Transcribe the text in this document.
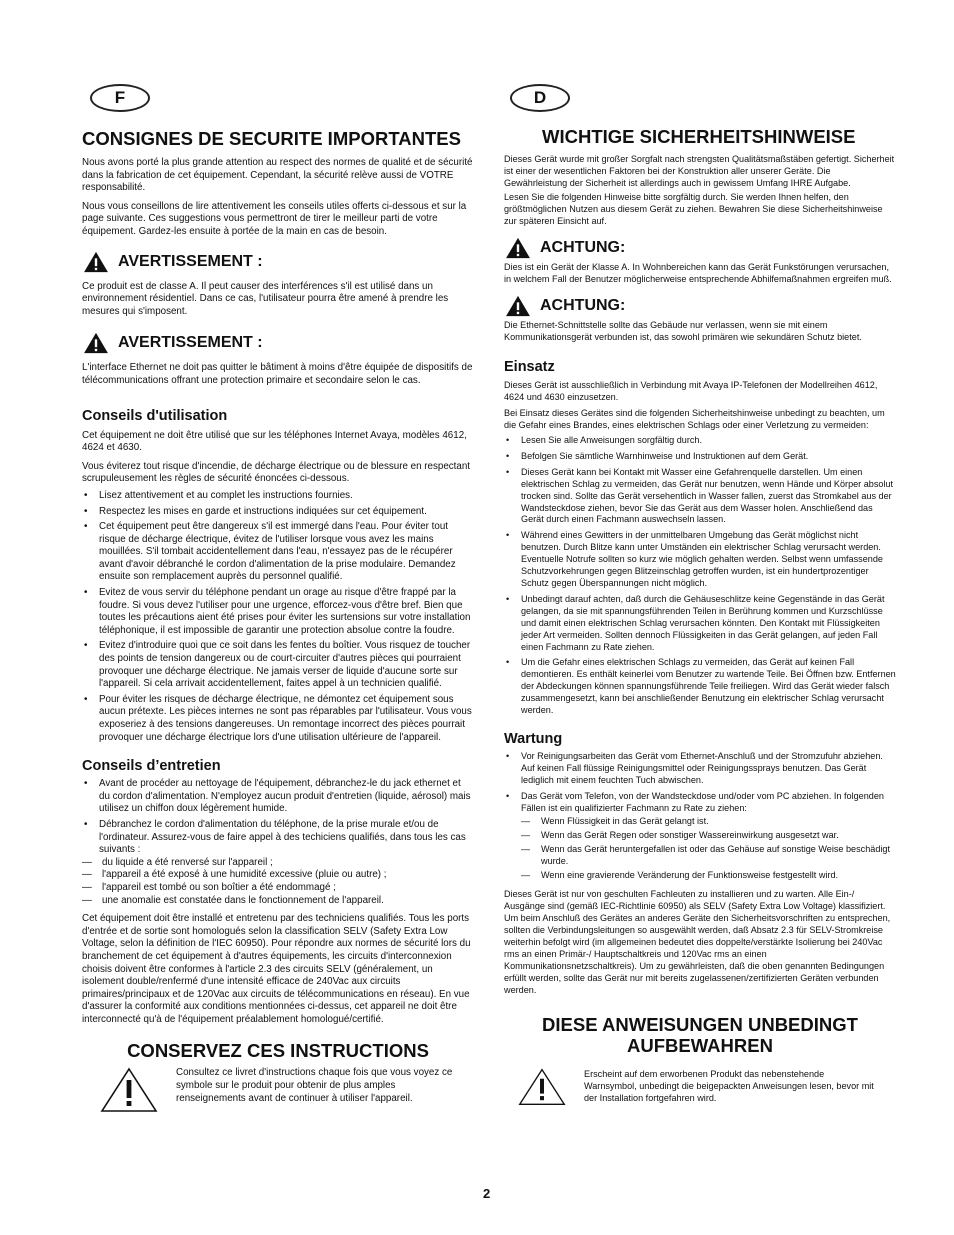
F
CONSIGNES DE SECURITE IMPORTANTES

Nous avons porté la plus grande attention au respect des normes de qualité et de sécurité dans la fabrication de cet équipement. Cependant, la sécurité relève aussi de VOTRE responsabilité.

Nous vous conseillons de lire attentivement les conseils utiles offerts ci-dessous et sur la page suivante. Ces suggestions vous permettront de tirer le meilleur parti de votre équipement. Gardez-les ensuite à portée de la main en cas de besoin.

AVERTISSEMENT :

Ce produit est de classe A. Il peut causer des interférences s'il est utilisé dans un environnement résidentiel. Dans ce cas, l'utilisateur pourra être amené à prendre les mesures qui s'imposent.

AVERTISSEMENT :

L'interface Ethernet ne doit pas quitter le bâtiment à moins d'être équipée de dispositifs de télécommunications offrant une protection primaire et secondaire selon le cas.

Conseils d'utilisation

Cet équipement ne doit être utilisé que sur les téléphones Internet Avaya, modèles 4612, 4624 et 4630.

Vous éviterez tout risque d'incendie, de décharge électrique ou de blessure en respectant scrupuleusement les règles de sécurité énoncées ci-dessous.

• Lisez attentivement et au complet les instructions fournies.
• Respectez les mises en garde et instructions indiquées sur cet équipement.
• Cet équipement peut être dangereux s'il est immergé dans l'eau. Pour éviter tout risque de décharge électrique, évitez de l'utiliser lorsque vous avez les mains mouillées. S'il tombait accidentellement dans l'eau, n'essayez pas de le récupérer avant d'avoir débranché le cordon d'alimentation de la prise modulaire. Demandez ensuite son remplacement auprès du personnel qualifié.
• Evitez de vous servir du téléphone pendant un orage au risque d'être frappé par la foudre. Si vous devez l'utiliser pour une urgence, efforcez-vous d'être bref. Bien que toutes les précautions aient été prises pour éviter les surtensions sur votre installation téléphonique, il est impossible de garantir une protection absolue contre la foudre.
• Evitez d'introduire quoi que ce soit dans les fentes du boîtier. Vous risquez de toucher des points de tension dangereux ou de court-circuiter d'autres pièces qui pourraient provoquer une décharge électrique. Ne jamais verser de liquide d'aucune sorte sur l'appareil. Si cela arrivait accidentellement, faites appel à un technicien qualifié.
• Pour éviter les risques de décharge électrique, ne démontez cet équipement sous aucun prétexte. Les pièces internes ne sont pas réparables par l'utilisateur. Vous vous exposeriez à des tensions dangereuses. Un remontage incorrect des pièces pourrait provoquer une décharge électrique lors d'une utilisation ultérieure de l'appareil.
Conseils d’entretien
• Avant de procéder au nettoyage de l'équipement, débranchez-le du jack ethernet et du cordon d'alimentation. N'employez aucun produit d'entretien (liquide, aérosol) mais utilisez un chiffon doux légèrement humide.
• Débranchez le cordon d'alimentation du téléphone, de la prise murale et/ou de l'ordinateur. Assurez-vous de faire appel à des techiciens qualifiés, dans tous les cas suivants :
— du liquide a été renversé sur l'appareil ;
— l'appareil a été exposé à une humidité excessive (pluie ou autre) ;
— l'appareil est tombé ou son boîtier a été endommagé ;
— une anomalie est constatée dans le fonctionnement de l'appareil.

Cet équipement doit être installé et entretenu par des techniciens qualifiés. Tous les ports d'entrée et de sortie sont homologués selon la classification SELV (Safety Extra Low Voltage, selon la définition de l'IEC 60950). Pour répondre aux normes de sécurité lors du branchement de cet équipement à d'autres équipements, les circuits d'interconnexion choisis doivent être conformes à l'article 2.3 des circuits SELV (généralement, un isolement double/renfermé d'une intensité efficace de 240Vac aux circuits primaires/principaux et de 120Vac aux circuits de télécommunications en réseau). En vue d'assurer la conformité aux conditions mentionnées ci-dessus, cet appareil ne doit être interconnecté qu'à de l'équipement préalablement homologué/certifié.

CONSERVEZ CES INSTRUCTIONS

Consultez ce livret d'instructions chaque fois que vous voyez ce symbole sur le produit pour obtenir de plus amples renseignements avant de continuer à utiliser l'appareil.

D
WICHTIGE SICHERHEITSHINWEISE

Dieses Gerät wurde mit großer Sorgfalt nach strengsten Qualitätsmaßstäben gefertigt. Sicherheit ist einer der wesentlichen Faktoren bei der Konstruktion aller unserer Geräte. Die Gewährleistung der Sicherheit ist allerdings auch in gewissem Umfang IHRE Aufgabe.

Lesen Sie die folgenden Hinweise bitte sorgfältig durch. Sie werden Ihnen helfen, den größtmöglichen Nutzen aus diesem Gerät zu ziehen. Bewahren Sie diese Sicherheitshinweise zur späteren Einsicht auf.

ACHTUNG:

Dies ist ein Gerät der Klasse A. In Wohnbereichen kann das Gerät Funkstörungen verursachen, in welchem Fall der Benutzer möglicherweise entsprechende Abhilfemaßnahmen ergreifen muß.

ACHTUNG:

Die Ethernet-Schnittstelle sollte das Gebäude nur verlassen, wenn sie mit einem Kommunikationsgerät verbunden ist, das sowohl primären wie sekundären Schutz bietet.

Einsatz

Dieses Gerät ist ausschließlich in Verbindung mit Avaya IP-Telefonen der Modellreihen 4612, 4624 und 4630 einzusetzen.

Bei Einsatz dieses Gerätes sind die folgenden Sicherheitshinweise unbedingt zu beachten, um die Gefahr eines Brandes, eines elektrischen Schlags oder einer Verletzung zu vermeiden:

• Lesen Sie alle Anweisungen sorgfältig durch.
• Befolgen Sie sämtliche Warnhinweise und Instruktionen auf dem Gerät.
• Dieses Gerät kann bei Kontakt mit Wasser eine Gefahrenquelle darstellen. Um einen elektrischen Schlag zu vermeiden, das Gerät nur benutzen, wenn Hände und Körper absolut trocken sind. Sollte das Gerät versehentlich in Wasser fallen, zuerst das Stromkabel aus der Wandsteckdose ziehen, bevor Sie das Gerät aus dem Wasser holen. Anschließend das Gerät durch einen Fachmann auswechseln lassen.
• Während eines Gewitters in der unmittelbaren Umgebung das Gerät möglichst nicht benutzen. Durch Blitze kann unter Umständen ein elektrischer Schlag verursacht werden. Eventuelle Notrufe sollten so kurz wie möglich gehalten werden. Selbst wenn umfassende Schutzvorkehrungen gegen Blitzeinschlag getroffen wurden, ist ein hundertprozentiger Schutz gegen Überspannungen nicht möglich.
• Unbedingt darauf achten, daß durch die Gehäuseschlitze keine Gegenstände in das Gerät gelangen, da sie mit spannungsführenden Teilen in Berührung kommen und Kurzschlüsse und damit einen elektrischen Schlag verursachen könnten. Den Kontakt mit Flüssigkeiten jeder Art vermeiden. Sollten dennoch Flüssigkeiten in das Gerät gelangen, auf jeden Fall einen Fachmann zu Rate ziehen.
• Um die Gefahr eines elektrischen Schlags zu vermeiden, das Gerät auf keinen Fall demontieren. Es enthält keinerlei vom Benutzer zu wartende Teile. Bei Öffnen bzw. Entfernen der Abdeckungen können spannungsführende Teile freiliegen. Wird das Gerät wieder falsch zusammengesetzt, kann bei anschließender Benutzung ein elektrischer Schlag verursacht werden.
Wartung
• Vor Reinigungsarbeiten das Gerät vom Ethernet-Anschluß und der Stromzufuhr abziehen. Auf keinen Fall flüssige Reinigungsmittel oder Reinigungssprays benutzen. Das Gerät lediglich mit einem feuchten Tuch abwischen.
• Das Gerät vom Telefon, von der Wandsteckdose und/oder vom PC abziehen. In folgenden Fällen ist ein qualifizierter Fachmann zu Rate zu ziehen:
— Wenn Flüssigkeit in das Gerät gelangt ist.
— Wenn das Gerät Regen oder sonstiger Wassereinwirkung ausgesetzt war.
— Wenn das Gerät heruntergefallen ist oder das Gehäuse auf sonstige Weise beschädigt wurde.
— Wenn eine gravierende Veränderung der Funktionsweise festgestellt wird.

Dieses Gerät ist nur von geschulten Fachleuten zu installieren und zu warten. Alle Ein-/ Ausgänge sind (gemäß IEC-Richtlinie 60950) als SELV (Safety Extra Low Voltage) klassifiziert. Um beim Anschluß des Gerätes an anderes Geräte den Sicherheitsvorschriften zu entsprechen, sollten die Verbindungsleitungen so ausgewählt werden, daß Absatz 2.3 für SELV-Stromkreise weiterhin befolgt wird (im allgemeinen bedeutet dies doppelte/verstärkte Isolierung bei 240Vac rms an einen Primär-/ Hauptschaltkreis und 120Vac rms an einen Kommunikationsnetzschaltkreis). Um zu gewährleisten, daß die oben genannten Bedingungen erfüllt werden, sollte das Gerät nur mit bereits zugelassenen/zertifizierten Geräten verbunden werden.

DIESE ANWEISUNGEN UNBEDINGT AUFBEWAHREN

Erscheint auf dem erworbenen Produkt das nebenstehende Warnsymbol, unbedingt die beigepackten Anweisungen lesen, bevor mit der Installation fortgefahren wird.

2
